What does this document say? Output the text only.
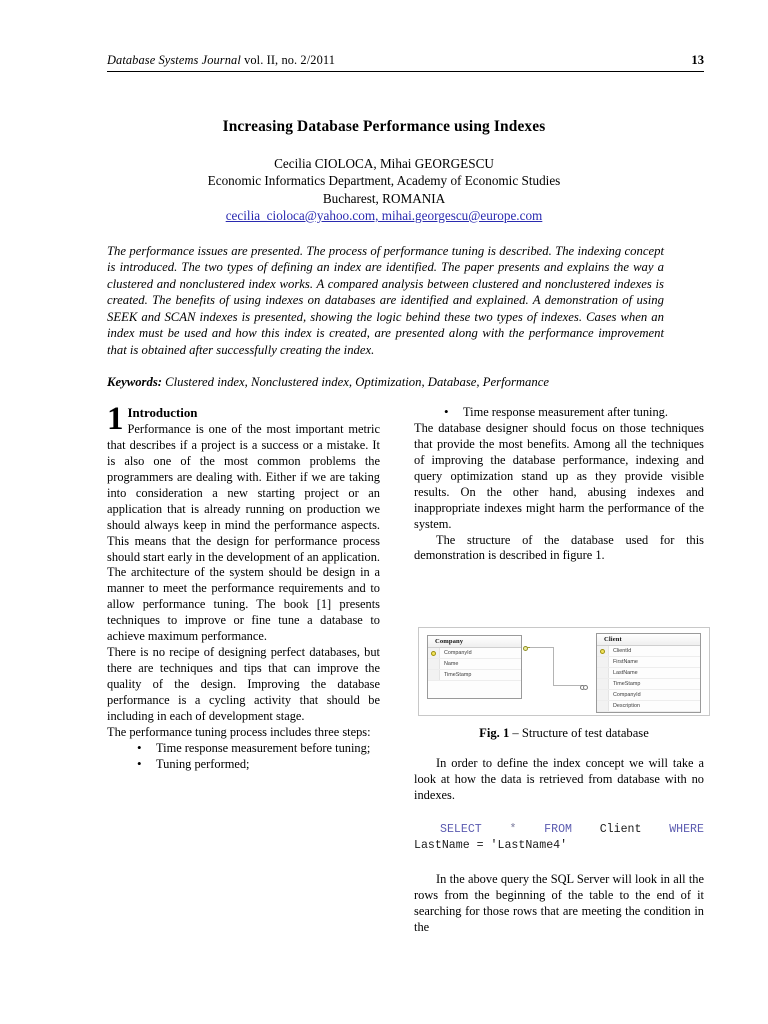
Database Systems Journal vol. II, no. 2/2011	13
Increasing Database Performance using Indexes
Cecilia CIOLOCA, Mihai GEORGESCU
Economic Informatics Department, Academy of Economic Studies
Bucharest, ROMANIA
cecilia_cioloca@yahoo.com, mihai.georgescu@europe.com
The performance issues are presented. The process of performance tuning is described. The indexing concept is introduced. The two types of defining an index are identified. The paper presents and explains the way a clustered and nonclustered index works. A compared analysis between clustered and nonclustered indexes is created. The benefits of using indexes on databases are identified and explained. A demonstration of using SEEK and SCAN indexes is presented, showing the logic behind these two types of indexes. Cases when an index must be used and how this index is created, are presented along with the performance improvement that is obtained after successfully creating the index.
Keywords: Clustered index, Nonclustered index, Optimization, Database, Performance
1 Introduction

Performance is one of the most important metric that describes if a project is a success or a mistake. It is also one of the most common problems the programmers are dealing with. Either if we are taking into consideration a new starting project or an application that is already running on production we should always keep in mind the performance aspects. This means that the design for performance process should start early in the development of an application. The architecture of the system should be design in a manner to meet the performance requirements and to allow performance tuning. The book [1] presents techniques to improve or fine tune a database to achieve maximum performance.

There is no recipe of designing perfect databases, but there are techniques and tips that can improve the quality of the design. Improving the database performance is a cycling activity that should be including in each of development stage.

The performance tuning process includes three steps:

• Time response measurement before tuning;
• Tuning performed;
• Time response measurement after tuning.

The database designer should focus on those techniques that provide the most benefits. Among all the techniques of improving the database performance, indexing and query optimization stand up as they provide visible results. On the other hand, abusing indexes and inappropriate indexes might harm the performance of the system.

The structure of the database used for this demonstration is described in figure 1.

Company
CompanyId
Name
TimeStamp
Client
ClientId
FirstName
LastName
TimeStamp
CompanyId
Description
Fig. 1 – Structure of test database

In order to define the index concept we will take a look at how the data is retrieved from database with no indexes.

SELECT * FROM Client WHERE
LastName = 'LastName4'

In the above query the SQL Server will look in all the rows from the beginning of the table to the end of it searching for those rows that are meeting the condition in the
